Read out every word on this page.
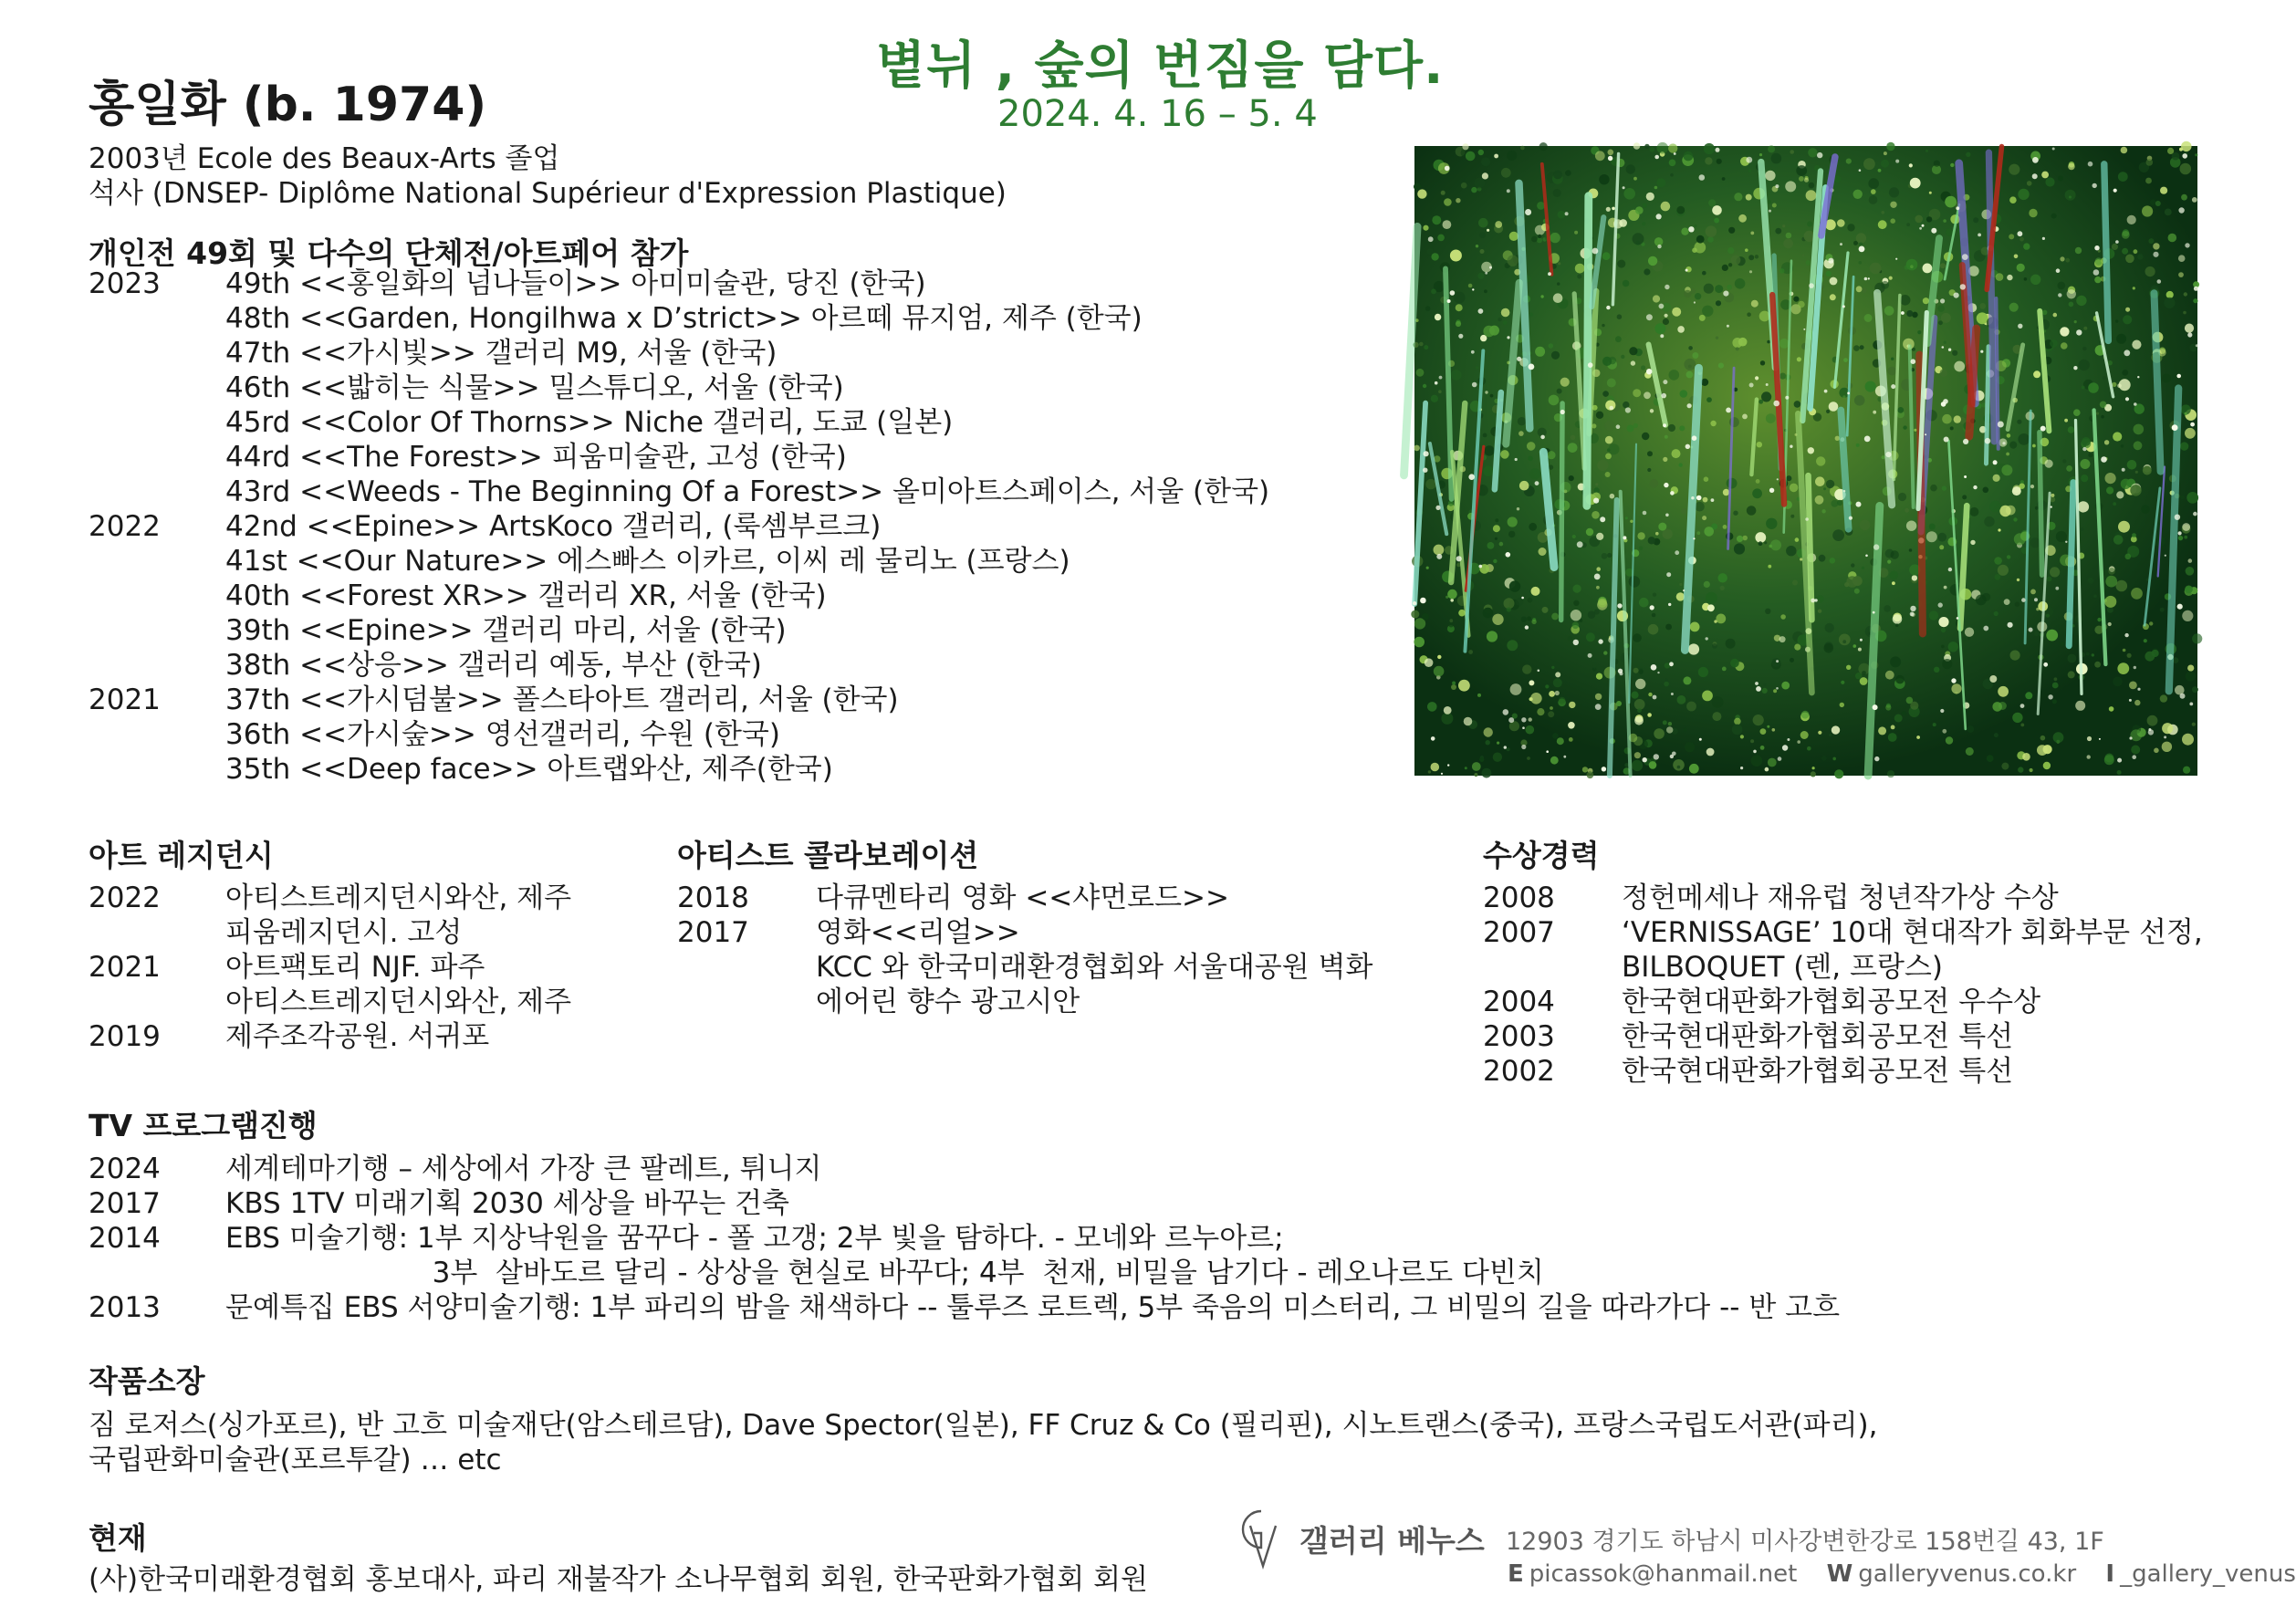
볕뉘 , 숲의 번짐을 담다.
2024. 4. 16 – 5. 4
홍일화 (b. 1974)
2003년 Ecole des Beaux-Arts 졸업
석사 (DNSEP- Diplôme National Supérieur d'Expression Plastique)
개인전 49회 및 다수의 단체전/아트페어 참가
2023 49th <<홍일화의 넘나들이>> 아미미술관, 당진 (한국)
48th <<Garden, Hongilhwa x D’strict>> 아르떼 뮤지엄, 제주 (한국)
47th <<가시빛>> 갤러리 M9, 서울 (한국)
46th <<밟히는 식물>> 밀스튜디오, 서울 (한국)
45rd <<Color Of Thorns>> Niche 갤러리, 도쿄 (일본)
44rd <<The Forest>> 피움미술관, 고성 (한국)
43rd <<Weeds - The Beginning Of a Forest>> 올미아트스페이스, 서울 (한국)
2022 42nd <<Epine>> ArtsKoco 갤러리, (룩셈부르크)
41st <<Our Nature>> 에스빠스 이카르, 이씨 레 물리노 (프랑스)
40th <<Forest XR>> 갤러리 XR, 서울 (한국)
39th <<Epine>> 갤러리 마리, 서울 (한국)
38th <<상응>> 갤러리 예동, 부산 (한국)
2021 37th <<가시덤불>> 폴스타아트 갤러리, 서울 (한국)
36th <<가시숲>> 영선갤러리, 수원 (한국)
35th <<Deep face>> 아트랩와산, 제주(한국)
아트 레지던시
2022 아티스트레지던시와산, 제주
피움레지던시. 고성
2021 아트팩토리 NJF. 파주
아티스트레지던시와산, 제주
2019 제주조각공원. 서귀포
아티스트 콜라보레이션
2018 다큐멘타리 영화 <<샤먼로드>>
2017 영화<<리얼>>
KCC 와 한국미래환경협회와 서울대공원 벽화
에어린 향수 광고시안
수상경력
2008 정헌메세나 재유럽 청년작가상 수상
2007 ‘VERNISSAGE’ 10대 현대작가 회화부문 선정,
BILBOQUET (렌, 프랑스)
2004 한국현대판화가협회공모전 우수상
2003 한국현대판화가협회공모전 특선
2002 한국현대판화가협회공모전 특선
TV 프로그램진행
2024 세계테마기행 – 세상에서 가장 큰 팔레트, 튀니지
2017 KBS 1TV 미래기획 2030 세상을 바꾸는 건축
2014 EBS 미술기행: 1부 지상낙원을 꿈꾸다 - 폴 고갱; 2부 빛을 탐하다. - 모네와 르누아르;
3부  살바도르 달리 - 상상을 현실로 바꾸다; 4부  천재, 비밀을 남기다 - 레오나르도 다빈치
2013 문예특집 EBS 서양미술기행: 1부 파리의 밤을 채색하다 -- 툴루즈 로트렉, 5부 죽음의 미스터리, 그 비밀의 길을 따라가다 -- 반 고흐
작품소장
짐 로저스(싱가포르), 반 고흐 미술재단(암스테르담), Dave Spector(일본), FF Cruz & Co (필리핀), 시노트랜스(중국), 프랑스국립도서관(파리),
국립판화미술관(포르투갈) … etc
현재
(사)한국미래환경협회 홍보대사, 파리 재불작가 소나무협회 회원, 한국판화가협회 회원
갤러리 베누스 12903 경기도 하남시 미사강변한강로 158번길 43, 1F
E picassok@hanmail.net W galleryvenus.co.kr I _gallery_venus
